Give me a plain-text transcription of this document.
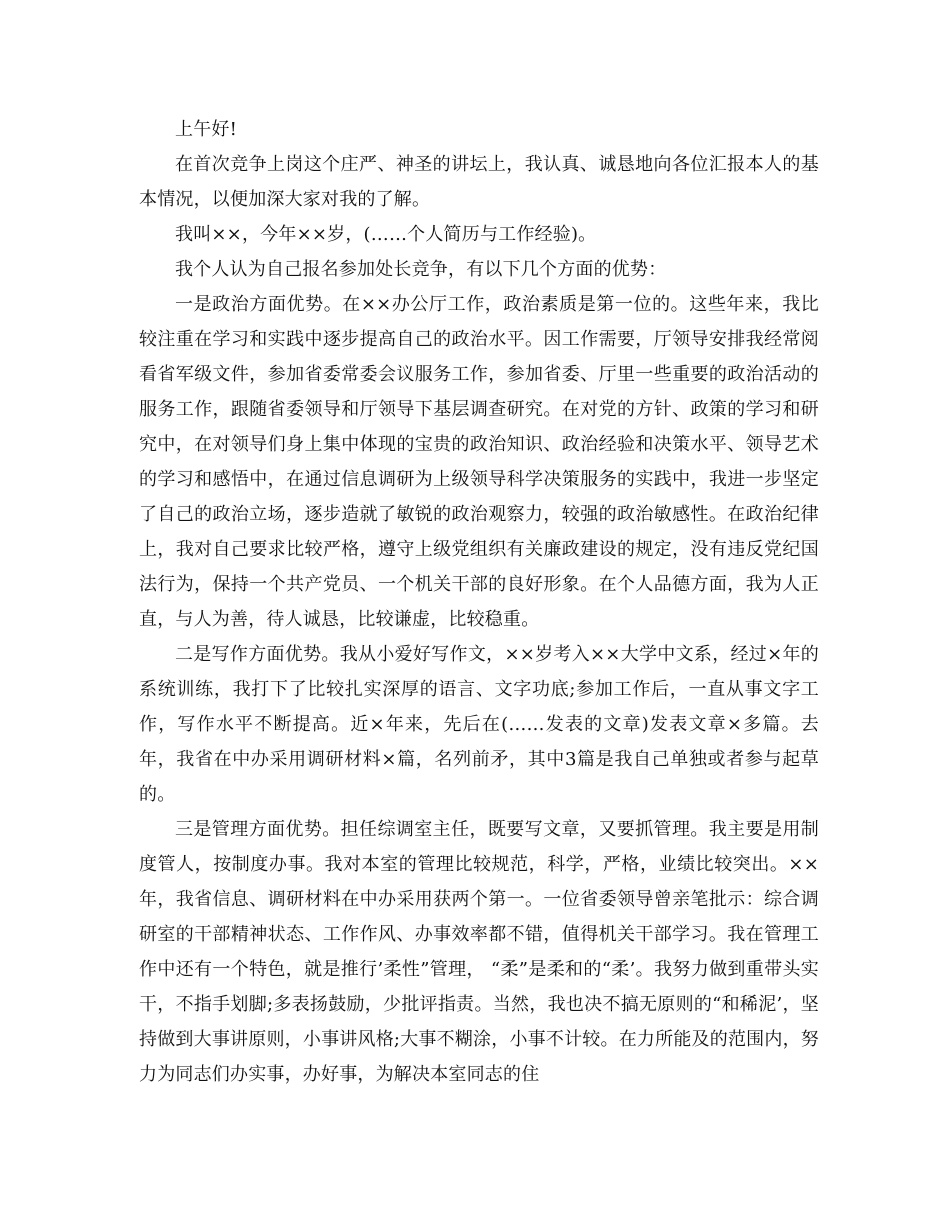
上午好!

在首次竞争上岗这个庄严、神圣的讲坛上，我认真、诚恳地向各位汇报本人的基本情况，以便加深大家对我的了解。

我叫××，今年××岁，(……个人简历与工作经验)。

我个人认为自己报名参加处长竞争，有以下几个方面的优势：

一是政治方面优势。在××办公厅工作，政治素质是第一位的。这些年来，我比较注重在学习和实践中逐步提高自己的政治水平。因工作需要，厅领导安排我经常阅看省军级文件，参加省委常委会议服务工作，参加省委、厅里一些重要的政治活动的服务工作，跟随省委领导和厅领导下基层调查研究。在对党的方针、政策的学习和研究中，在对领导们身上集中体现的宝贵的政治知识、政治经验和决策水平、领导艺术的学习和感悟中，在通过信息调研为上级领导科学决策服务的实践中，我进一步坚定了自己的政治立场，逐步造就了敏锐的政治观察力，较强的政治敏感性。在政治纪律上，我对自己要求比较严格，遵守上级党组织有关廉政建设的规定，没有违反党纪国法行为，保持一个共产党员、一个机关干部的良好形象。在个人品德方面，我为人正直，与人为善，待人诚恳，比较谦虚，比较稳重。

二是写作方面优势。我从小爱好写作文，××岁考入××大学中文系，经过×年的系统训练，我打下了比较扎实深厚的语言、文字功底;参加工作后，一直从事文字工作，写作水平不断提高。近×年来，先后在(……发表的文章)发表文章×多篇。去年，我省在中办采用调研材料×篇，名列前矛，其中3篇是我自己单独或者参与起草的。

三是管理方面优势。担任综调室主任，既要写文章，又要抓管理。我主要是用制度管人，按制度办事。我对本室的管理比较规范，科学，严格，业绩比较突出。××年，我省信息、调研材料在中办采用获两个第一。一位省委领导曾亲笔批示：综合调研室的干部精神状态、工作作风、办事效率都不错，值得机关干部学习。我在管理工作中还有一个特色，就是推行’柔性”管理， “柔”是柔和的“柔’。我努力做到重带头实干，不指手划脚;多表扬鼓励，少批评指责。当然，我也决不搞无原则的“和稀泥’，坚持做到大事讲原则，小事讲风格;大事不糊涂，小事不计较。在力所能及的范围内，努力为同志们办实事，办好事，为解决本室同志的住
